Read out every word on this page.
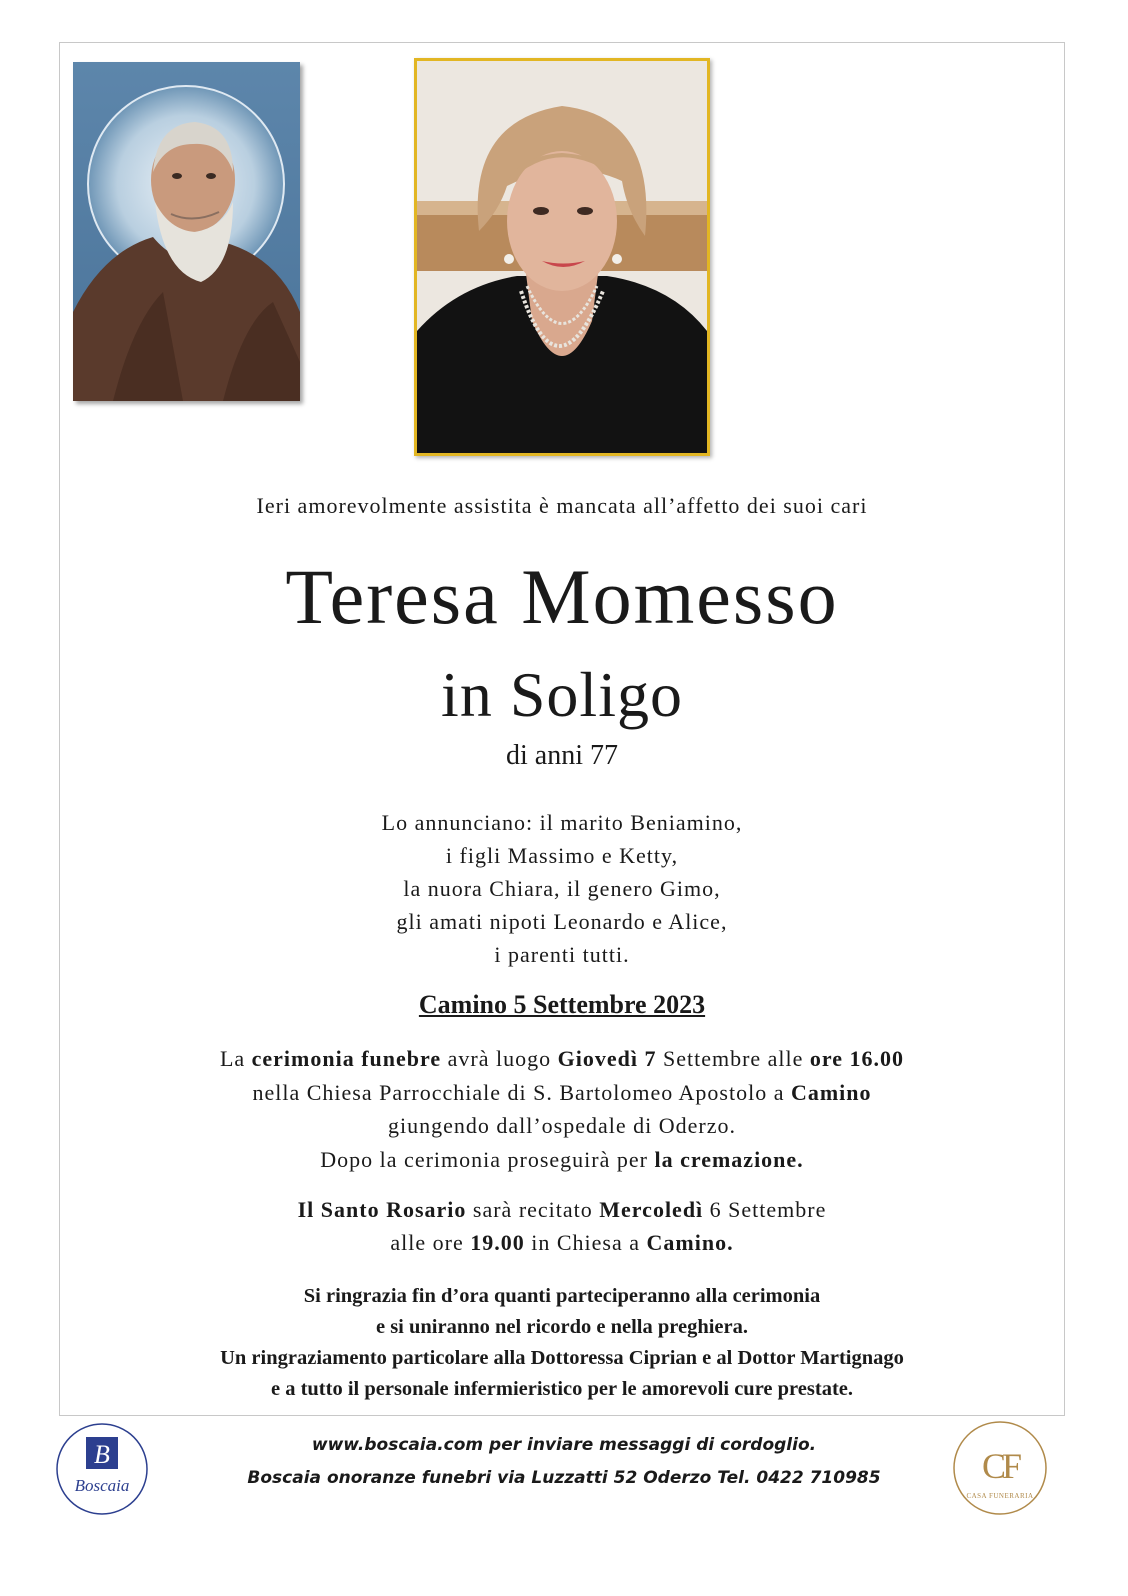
Ieri amorevolmente assistita è mancata all’affetto dei suoi cari
Teresa Momesso
in Soligo
di anni 77
Lo annunciano: il marito Beniamino,
i figli Massimo e Ketty,
la nuora Chiara, il genero Gimo,
gli amati nipoti Leonardo e Alice,
i parenti tutti.
Camino 5 Settembre 2023
La cerimonia funebre avrà luogo Giovedì 7 Settembre alle ore 16.00
nella Chiesa Parrocchiale di S. Bartolomeo Apostolo a Camino
giungendo dall’ospedale di Oderzo.
Dopo la cerimonia proseguirà per la cremazione.
Il Santo Rosario sarà recitato Mercoledì 6 Settembre
alle ore 19.00 in Chiesa a Camino.
Si ringrazia fin d’ora quanti parteciperanno alla cerimonia
e si uniranno nel ricordo e nella preghiera.
Un ringraziamento particolare alla Dottoressa Ciprian e al Dottor Martignago
e a tutto il personale infermieristico per le amorevoli cure prestate.
B
Boscaia
www.boscaia.com per inviare messaggi di cordoglio.
Boscaia onoranze funebri via Luzzatti 52 Oderzo Tel. 0422 710985	CF
CASA FUNERARIA
